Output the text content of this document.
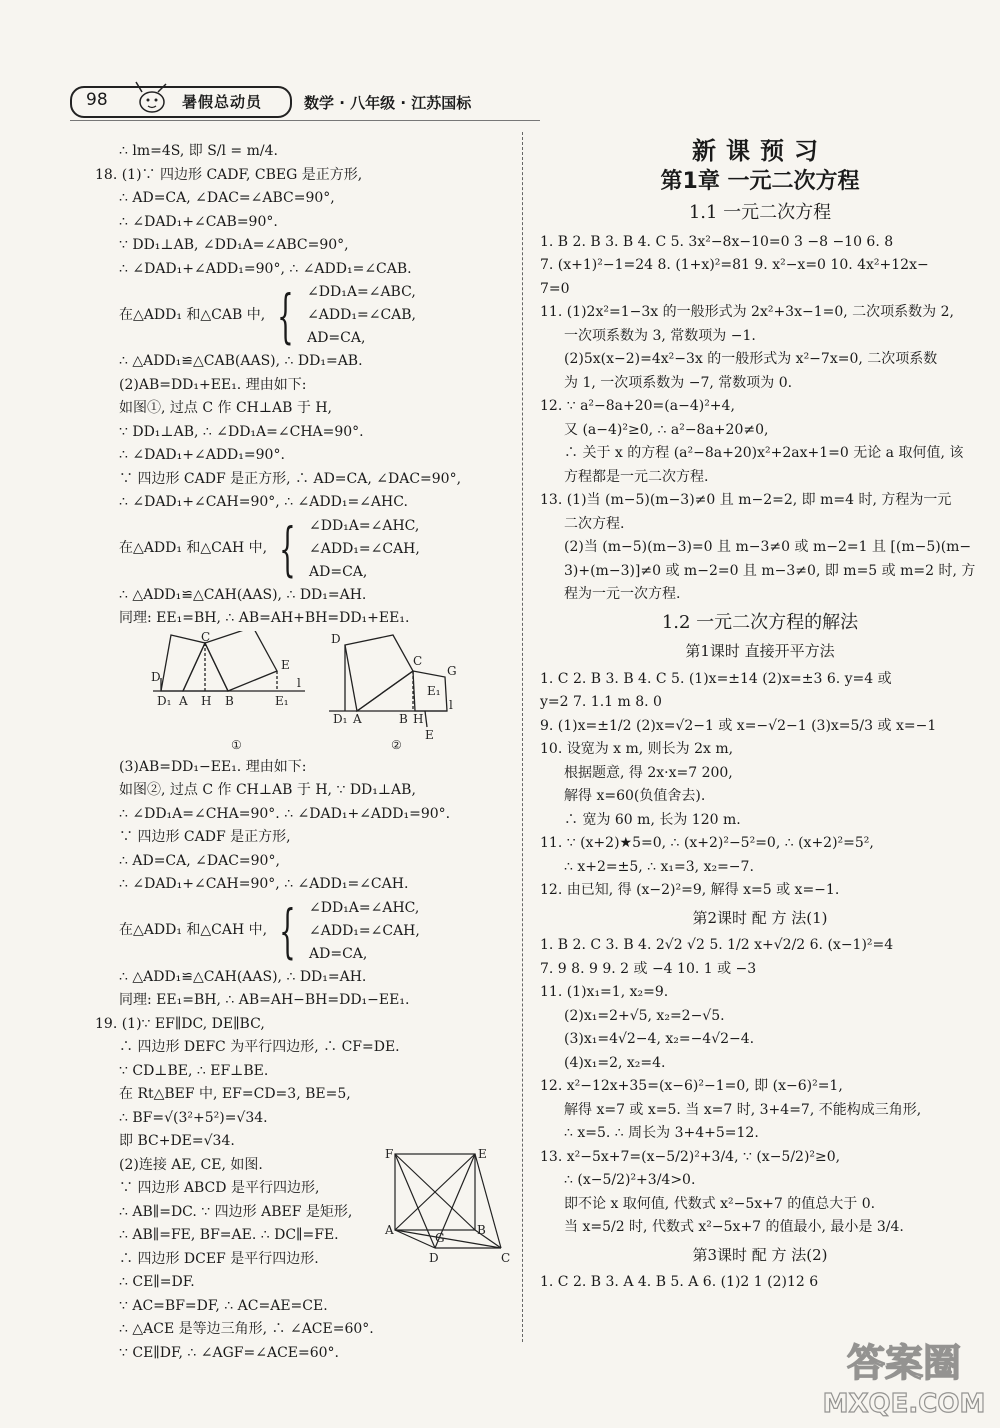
98	暑假总动员	数学 · 八年级 · 江苏国标
∴ lm=4S, 即 S/l = m/4.
18. (1)∵ 四边形 CADF, CBEG 是正方形,
∴ AD=CA, ∠DAC=∠ABC=90°,
∴ ∠DAD₁+∠CAB=90°.
∵ DD₁⊥AB, ∠DD₁A=∠ABC=90°,
∴ ∠DAD₁+∠ADD₁=90°, ∴ ∠ADD₁=∠CAB.
在△ADD₁ 和△CAB 中, { ∠DD₁A=∠ABC,
∠ADD₁=∠CAB,
AD=CA,
∴ △ADD₁≌△CAB(AAS), ∴ DD₁=AB.
(2)AB=DD₁+EE₁. 理由如下:
如图①, 过点 C 作 CH⊥AB 于 H,
∵ DD₁⊥AB, ∴ ∠DD₁A=∠CHA=90°.
∴ ∠DAD₁+∠ADD₁=90°.
∵ 四边形 CADF 是正方形, ∴ AD=CA, ∠DAC=90°,
∴ ∠DAD₁+∠CAH=90°, ∴ ∠ADD₁=∠AHC.
在△ADD₁ 和△CAH 中, { ∠DD₁A=∠AHC,
∠ADD₁=∠CAH,
AD=CA,
∴ △ADD₁≌△CAH(AAS), ∴ DD₁=AH.
同理: EE₁=BH, ∴ AB=AH+BH=DD₁+EE₁.
C
E
D
D₁ A H B	E₁
l
D
C
G
E₁
D₁ A	B H
E
l
①	②
(3)AB=DD₁−EE₁. 理由如下:
如图②, 过点 C 作 CH⊥AB 于 H, ∵ DD₁⊥AB,
∴ ∠DD₁A=∠CHA=90°. ∴ ∠DAD₁+∠ADD₁=90°.
∵ 四边形 CADF 是正方形,
∴ AD=CA, ∠DAC=90°,
∴ ∠DAD₁+∠CAH=90°, ∴ ∠ADD₁=∠CAH.
在△ADD₁ 和△CAH 中, { ∠DD₁A=∠AHC,
∠ADD₁=∠CAH,
AD=CA,
∴ △ADD₁≌△CAH(AAS), ∴ DD₁=AH.
同理: EE₁=BH, ∴ AB=AH−BH=DD₁−EE₁.
19. (1)∵ EF∥DC, DE∥BC,
∴ 四边形 DEFC 为平行四边形, ∴ CF=DE.
∵ CD⊥BE, ∴ EF⊥BE.
在 Rt△BEF 中, EF=CD=3, BE=5,
∴ BF=√(3²+5²)=√34.
即 BC+DE=√34.
(2)连接 AE, CE, 如图.
∵ 四边形 ABCD 是平行四边形,
∴ AB∥=DC. ∵ 四边形 ABEF 是矩形,
∴ AB∥=FE, BF=AE. ∴ DC∥=FE.
∴ 四边形 DCEF 是平行四边形.
∴ CE∥=DF.
∵ AC=BF=DF, ∴ AC=AE=CE.
∴ △ACE 是等边三角形, ∴ ∠ACE=60°.
∵ CE∥DF, ∴ ∠AGF=∠ACE=60°.
F	E
A	B
G
D	C
新课预习
第1章 一元二次方程
1.1 一元二次方程
1. B 2. B 3. B 4. C 5. 3x²−8x−10=0 3 −8 −10 6. 8
7. (x+1)²−1=24 8. (1+x)²=81 9. x²−x=0 10. 4x²+12x−
7=0
11. (1)2x²=1−3x 的一般形式为 2x²+3x−1=0, 二次项系数为 2,
一次项系数为 3, 常数项为 −1.
(2)5x(x−2)=4x²−3x 的一般形式为 x²−7x=0, 二次项系数
为 1, 一次项系数为 −7, 常数项为 0.
12. ∵ a²−8a+20=(a−4)²+4,
又 (a−4)²≥0, ∴ a²−8a+20≠0,
∴ 关于 x 的方程 (a²−8a+20)x²+2ax+1=0 无论 a 取何值, 该
方程都是一元二次方程.
13. (1)当 (m−5)(m−3)≠0 且 m−2=2, 即 m=4 时, 方程为一元
二次方程.
(2)当 (m−5)(m−3)=0 且 m−3≠0 或 m−2=1 且 [(m−5)(m−
3)+(m−3)]≠0 或 m−2=0 且 m−3≠0, 即 m=5 或 m=2 时, 方
程为一元一次方程.
1.2 一元二次方程的解法
第1课时 直接开平方法
1. C 2. B 3. B 4. C 5. (1)x=±14 (2)x=±3 6. y=4 或
y=2 7. 1.1 m 8. 0
9. (1)x=±1/2 (2)x=√2−1 或 x=−√2−1 (3)x=5/3 或 x=−1
10. 设宽为 x m, 则长为 2x m,
根据题意, 得 2x·x=7 200,
解得 x=60(负值舍去).
∴ 宽为 60 m, 长为 120 m.
11. ∵ (x+2)★5=0, ∴ (x+2)²−5²=0, ∴ (x+2)²=5²,
∴ x+2=±5, ∴ x₁=3, x₂=−7.
12. 由已知, 得 (x−2)²=9, 解得 x=5 或 x=−1.
第2课时 配 方 法(1)
1. B 2. C 3. B 4. 2√2 √2 5. 1/2 x+√2/2 6. (x−1)²=4
7. 9 8. 9 9. 2 或 −4 10. 1 或 −3
11. (1)x₁=1, x₂=9.
(2)x₁=2+√5, x₂=2−√5.
(3)x₁=4√2−4, x₂=−4√2−4.
(4)x₁=2, x₂=4.
12. x²−12x+35=(x−6)²−1=0, 即 (x−6)²=1,
解得 x=7 或 x=5. 当 x=7 时, 3+4=7, 不能构成三角形,
∴ x=5. ∴ 周长为 3+4+5=12.
13. x²−5x+7=(x−5/2)²+3/4, ∵ (x−5/2)²≥0,
∴ (x−5/2)²+3/4>0.
即不论 x 取何值, 代数式 x²−5x+7 的值总大于 0.
当 x=5/2 时, 代数式 x²−5x+7 的值最小, 最小是 3/4.
第3课时 配 方 法(2)
1. C 2. B 3. A 4. B 5. A 6. (1)2 1 (2)12 6
答案圈
MXQE.COM
